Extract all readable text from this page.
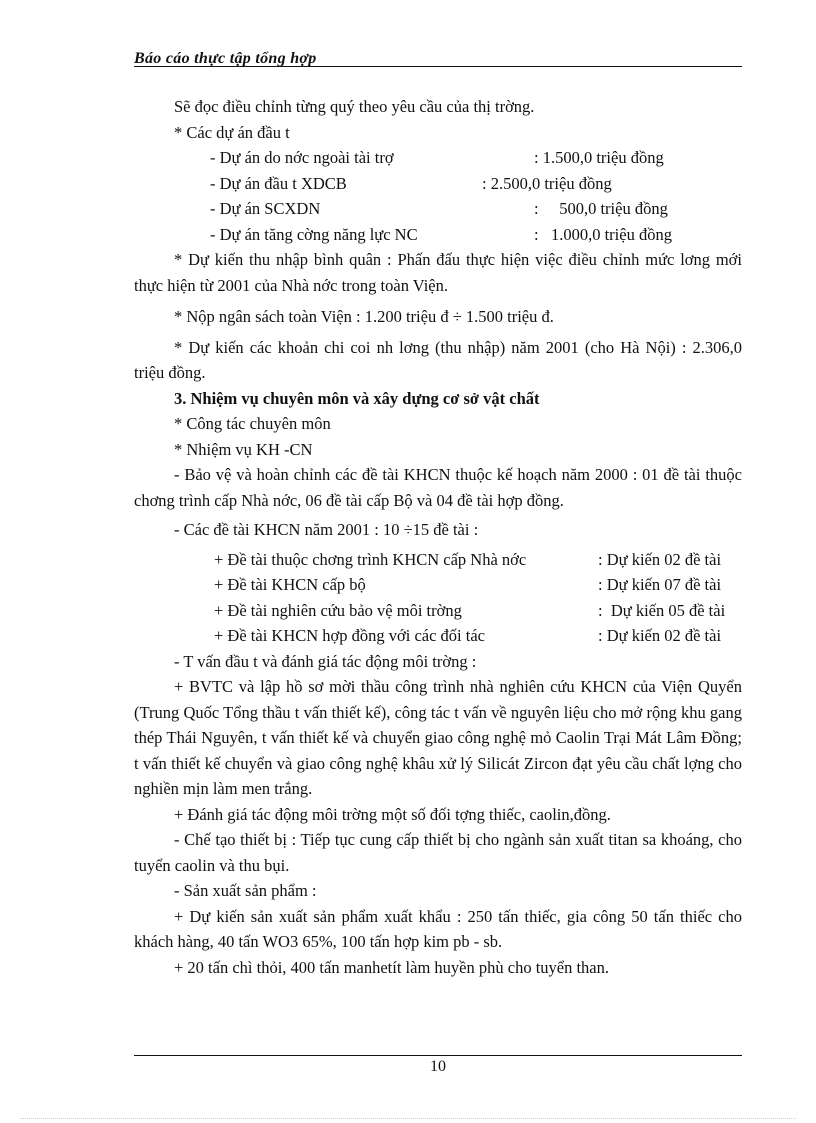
Báo cáo thực tập tổng hợp
Sẽ đọc điều chỉnh từng quý theo yêu cầu của thị trờng.
* Các dự án đầu t
- Dự án do nớc ngoài tài trợ	: 1.500,0 triệu đồng
- Dự án đầu t XDCB	: 2.500,0 triệu đồng
- Dự án SCXDN	:     500,0 triệu đồng
- Dự án tăng cờng năng lực NC	:   1.000,0 triệu đồng
* Dự kiến thu nhập bình quân : Phấn đấu thực hiện việc điều chỉnh mức lơng mới thực hiện từ 2001 của Nhà nớc trong toàn Viện.
* Nộp ngân sách toàn Viện : 1.200 triệu đ ÷ 1.500 triệu đ.
* Dự kiến các khoản chi coi nh lơng (thu nhập) năm 2001 (cho Hà Nội) : 2.306,0 triệu đồng.
3. Nhiệm vụ chuyên môn và xây dựng cơ sở vật chất
* Công tác chuyên môn
* Nhiệm vụ KH -CN
- Bảo vệ và hoàn chỉnh các đề tài KHCN thuộc kế hoạch năm 2000 : 01 đề tài thuộc chơng trình cấp Nhà nớc, 06 đề tài cấp Bộ và 04 đề tài hợp đồng.
- Các đề tài KHCN năm 2001 : 10 ÷15 đề tài :
+ Đề tài thuộc chơng trình KHCN cấp Nhà nớc	: Dự kiến 02 đề tài
+ Đề tài KHCN cấp bộ	: Dự kiến 07 đề tài
+ Đề tài nghiên cứu bảo vệ môi trờng	:  Dự kiến 05 đề tài
+ Đề tài KHCN hợp đồng với các đối tác	: Dự kiến 02 đề tài
- T vấn đầu t và đánh giá tác động môi trờng :
+ BVTC và lập hồ sơ mời thầu công trình nhà nghiên cứu KHCN của Viện Quyển (Trung Quốc Tổng thầu t vấn thiết kế), công tác t vấn về nguyên liệu cho mở rộng khu gang thép Thái Nguyên, t vấn thiết kế và chuyển giao công nghệ mỏ Caolin Trại Mát Lâm Đồng; t vấn thiết kế chuyển và giao công nghệ khâu xử lý Silicát Zircon đạt yêu cầu chất lợng cho nghiền mịn làm men trắng.
+ Đánh giá tác động môi trờng một số đối tợng thiếc, caolin,đồng.
- Chế tạo thiết bị : Tiếp tục cung cấp thiết bị cho ngành sản xuất titan sa khoáng, cho tuyển caolin và thu bụi.
- Sản xuất sản phẩm :
+ Dự kiến sản xuất sản phẩm xuất khẩu : 250 tấn thiếc, gia công 50 tấn thiếc cho khách hàng, 40 tấn WO3 65%, 100 tấn hợp kim pb - sb.
+ 20 tấn chì thỏi, 400 tấn manhetít làm huyền phù cho tuyển than.
10
